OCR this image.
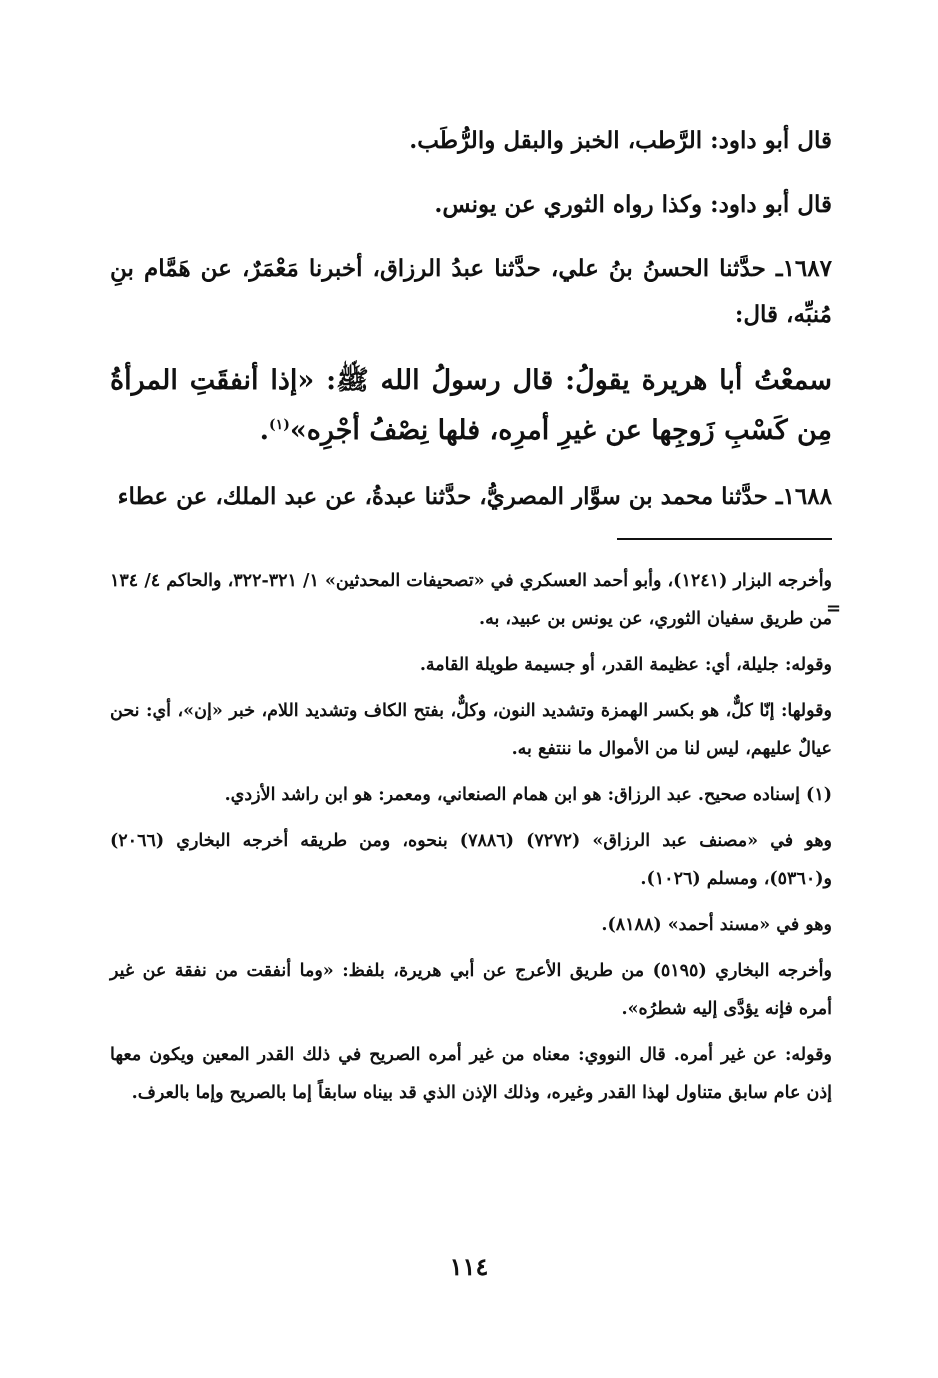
قال أبو داود: الرَّطب، الخبز والبقل والرُّطَب.

قال أبو داود: وكذا رواه الثوري عن يونس.

١٦٨٧ـ حدَّثنا الحسنُ بنُ علي، حدَّثنا عبدُ الرزاق، أخبرنا مَعْمَرٌ، عن هَمَّام بنِ مُنبِّه، قال:

سمعْتُ أبا هريرة يقولُ: قال رسولُ الله ﷺ: «إذا أنفقَتِ المرأةُ مِن كَسْبِ زَوجِها عن غيرِ أمرِه، فلها نِصْفُ أجْرِه»$^{(١)}$.

١٦٨٨ـ حدَّثنا محمد بن سوَّار المصريُّ، حدَّثنا عبدةُ، عن عبد الملك، عن عطاء

وأخرجه البزار (١٢٤١)، وأبو أحمد العسكري في «تصحيفات المحدثين» ١/ ٣٢١-٣٢٢، والحاكم ٤/ ١٣٤ من طريق سفيان الثوري، عن يونس بن عبيد، به.

وقوله: جليلة، أي: عظيمة القدر، أو جسيمة طويلة القامة.

وقولها: إنّا كلٌّ، هو بكسر الهمزة وتشديد النون، وكلٌّ، بفتح الكاف وتشديد اللام، خبر «إن»، أي: نحن عيالٌ عليهم، ليس لنا من الأموال ما ننتفع به.

(١) إسناده صحيح. عبد الرزاق: هو ابن همام الصنعاني، ومعمر: هو ابن راشد الأزدي.

وهو في «مصنف عبد الرزاق» (٧٢٧٢) (٧٨٨٦) بنحوه، ومن طريقه أخرجه البخاري (٢٠٦٦) و(٥٣٦٠)، ومسلم (١٠٢٦).

وهو في «مسند أحمد» (٨١٨٨).

وأخرجه البخاري (٥١٩٥) من طريق الأعرج عن أبي هريرة، بلفظ: «وما أنفقت من نفقة عن غير أمره فإنه يؤدَّى إليه شطرُه».

وقوله: عن غير أمره. قال النووي: معناه من غير أمره الصريح في ذلك القدر المعين ويكون معها إذن عام سابق متناول لهذا القدر وغيره، وذلك الإذن الذي قد بيناه سابقاً إما بالصريح وإما بالعرف.

=
١١٤
